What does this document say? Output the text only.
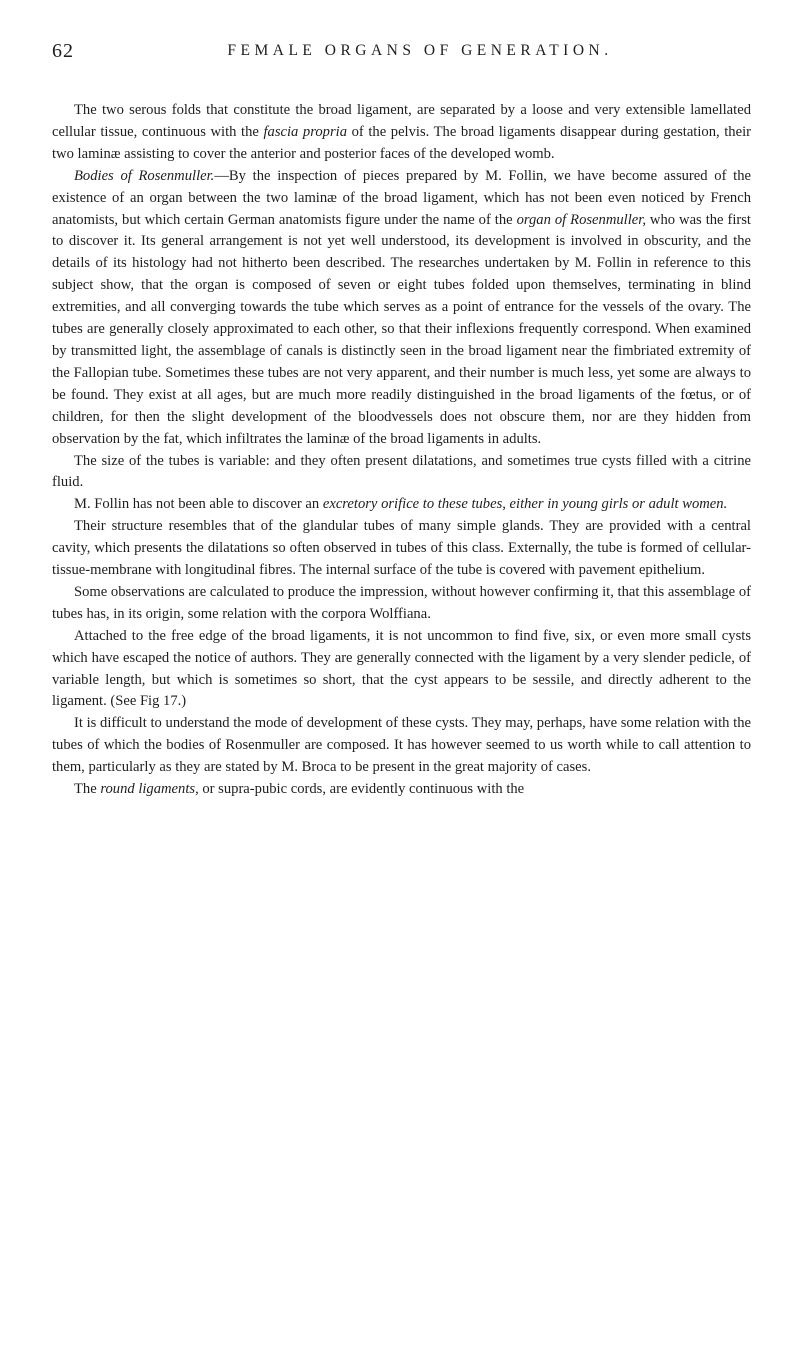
62	FEMALE ORGANS OF GENERATION.

The two serous folds that constitute the broad ligament, are separated by a loose and very extensible lamellated cellular tissue, continuous with the fascia propria of the pelvis. The broad ligaments disappear during gestation, their two laminæ assisting to cover the anterior and posterior faces of the developed womb.

Bodies of Rosenmuller.—By the inspection of pieces prepared by M. Follin, we have become assured of the existence of an organ between the two laminæ of the broad ligament, which has not been even noticed by French anatomists, but which certain German anatomists figure under the name of the organ of Rosenmuller, who was the first to discover it. Its general arrangement is not yet well understood, its development is involved in obscurity, and the details of its histology had not hitherto been described. The researches undertaken by M. Follin in reference to this subject show, that the organ is composed of seven or eight tubes folded upon themselves, terminating in blind extremities, and all converging towards the tube which serves as a point of entrance for the vessels of the ovary. The tubes are generally closely approximated to each other, so that their inflexions frequently correspond. When examined by transmitted light, the assemblage of canals is distinctly seen in the broad ligament near the fimbriated extremity of the Fallopian tube. Sometimes these tubes are not very apparent, and their number is much less, yet some are always to be found. They exist at all ages, but are much more readily distinguished in the broad ligaments of the fœtus, or of children, for then the slight development of the bloodvessels does not obscure them, nor are they hidden from observation by the fat, which infiltrates the laminæ of the broad ligaments in adults.

The size of the tubes is variable: and they often present dilatations, and sometimes true cysts filled with a citrine fluid.

M. Follin has not been able to discover an excretory orifice to these tubes, either in young girls or adult women.

Their structure resembles that of the glandular tubes of many simple glands. They are provided with a central cavity, which presents the dilatations so often observed in tubes of this class. Externally, the tube is formed of cellular-tissue-membrane with longitudinal fibres. The internal surface of the tube is covered with pavement epithelium.

Some observations are calculated to produce the impression, without however confirming it, that this assemblage of tubes has, in its origin, some relation with the corpora Wolffiana.

Attached to the free edge of the broad ligaments, it is not uncommon to find five, six, or even more small cysts which have escaped the notice of authors. They are generally connected with the ligament by a very slender pedicle, of variable length, but which is sometimes so short, that the cyst appears to be sessile, and directly adherent to the ligament. (See Fig 17.)

It is difficult to understand the mode of development of these cysts. They may, perhaps, have some relation with the tubes of which the bodies of Rosenmuller are composed. It has however seemed to us worth while to call attention to them, particularly as they are stated by M. Broca to be present in the great majority of cases.

The round ligaments, or supra-pubic cords, are evidently continuous with the
